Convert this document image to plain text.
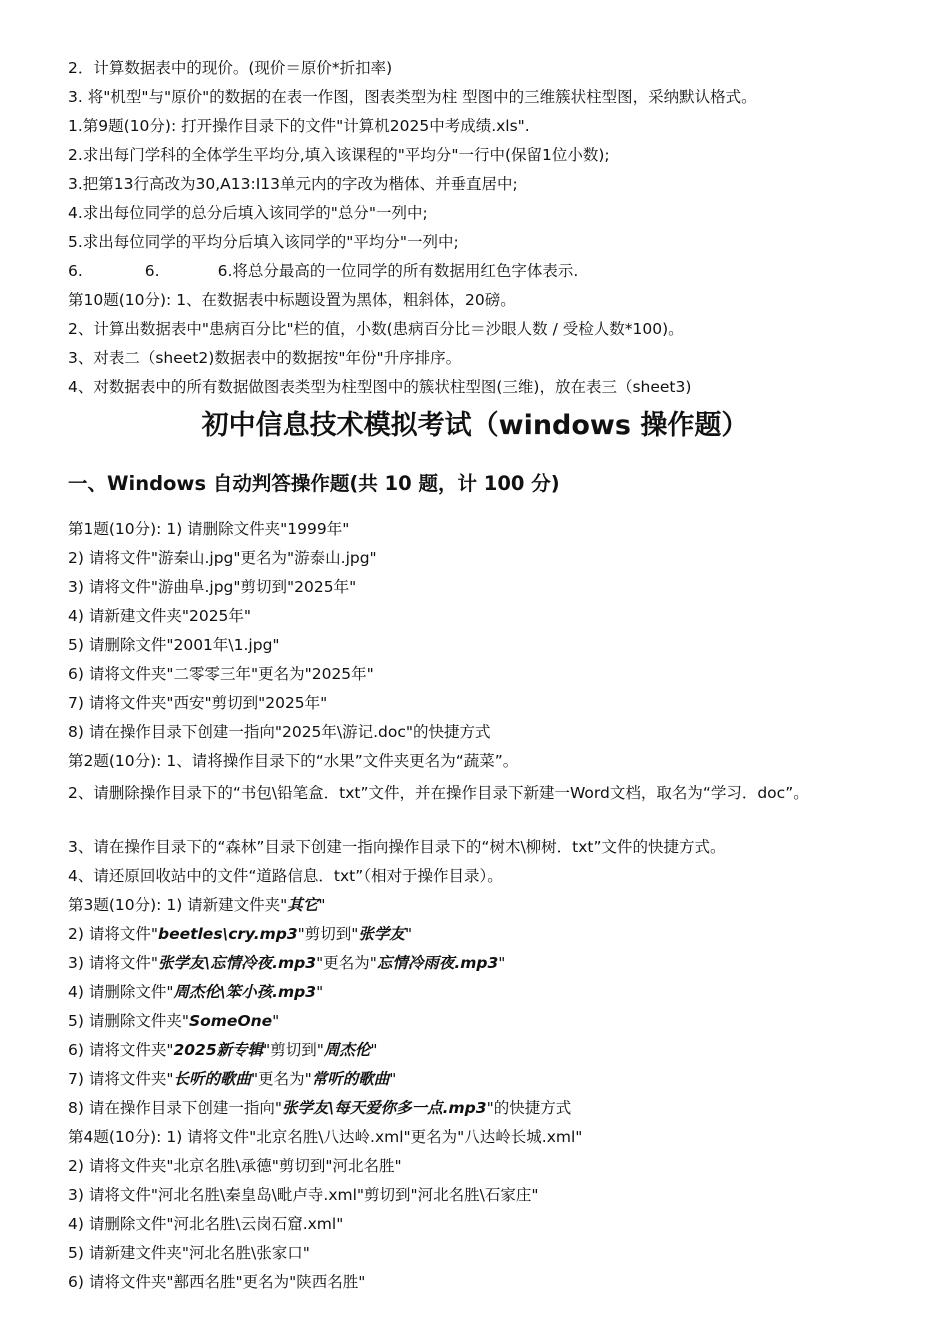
2．计算数据表中的现价。(现价＝原价*折扣率)
3. 将"机型"与"原价"的数据的在表一作图，图表类型为柱 型图中的三维簇状柱型图，采纳默认格式。
1.第9题(10分): 打开操作目录下的文件"计算机2025中考成绩.xls".
2.求出每门学科的全体学生平均分,填入该课程的"平均分"一行中(保留1位小数);
3.把第13行高改为30,A13:I13单元内的字改为楷体、并垂直居中;
4.求出每位同学的总分后填入该同学的"总分"一列中;
5.求出每位同学的平均分后填入该同学的"平均分"一列中;
6.	6.	6.将总分最高的一位同学的所有数据用红色字体表示.
第10题(10分): 1、在数据表中标题设置为黑体，粗斜体，20磅。
2、计算出数据表中"患病百分比"栏的值，小数(患病百分比＝沙眼人数 / 受检人数*100)。
3、对表二（sheet2)数据表中的数据按"年份"升序排序。
4、对数据表中的所有数据做图表类型为柱型图中的簇状柱型图(三维)，放在表三（sheet3)
初中信息技术模拟考试（windows 操作题）
一、Windows 自动判答操作题(共 10 题，计 100 分)
第1题(10分): 1) 请删除文件夹"1999年"
2) 请将文件"游秦山.jpg"更名为"游泰山.jpg"
3) 请将文件"游曲阜.jpg"剪切到"2025年"
4) 请新建文件夹"2025年"
5) 请删除文件"2001年\1.jpg"
6) 请将文件夹"二零零三年"更名为"2025年"
7) 请将文件夹"西安"剪切到"2025年"
8) 请在操作目录下创建一指向"2025年\游记.doc"的快捷方式
第2题(10分): 1、请将操作目录下的“水果”文件夹更名为“蔬菜”。
2、请删除操作目录下的“书包\铅笔盒．txt”文件，并在操作目录下新建一Word文档，取名为“学习．doc”。
3、请在操作目录下的“森林”目录下创建一指向操作目录下的“树木\柳树．txt”文件的快捷方式。
4、请还原回收站中的文件“道路信息．txt”（相对于操作目录）。
第3题(10分): 1) 请新建文件夹"其它"
2) 请将文件"beetles\cry.mp3"剪切到"张学友"
3) 请将文件"张学友\忘情冷夜.mp3"更名为"忘情冷雨夜.mp3"
4) 请删除文件"周杰伦\笨小孩.mp3"
5) 请删除文件夹"SomeOne"
6) 请将文件夹"2025新专辑"剪切到"周杰伦"
7) 请将文件夹"长听的歌曲"更名为"常听的歌曲"
8) 请在操作目录下创建一指向"张学友\每天爱你多一点.mp3"的快捷方式
第4题(10分): 1) 请将文件"北京名胜\八达岭.xml"更名为"八达岭长城.xml"
2) 请将文件夹"北京名胜\承德"剪切到"河北名胜"
3) 请将文件"河北名胜\秦皇岛\毗卢寺.xml"剪切到"河北名胜\石家庄"
4) 请删除文件"河北名胜\云岗石窟.xml"
5) 请新建文件夹"河北名胜\张家口"
6) 请将文件夹"鄯西名胜"更名为"陕西名胜"
